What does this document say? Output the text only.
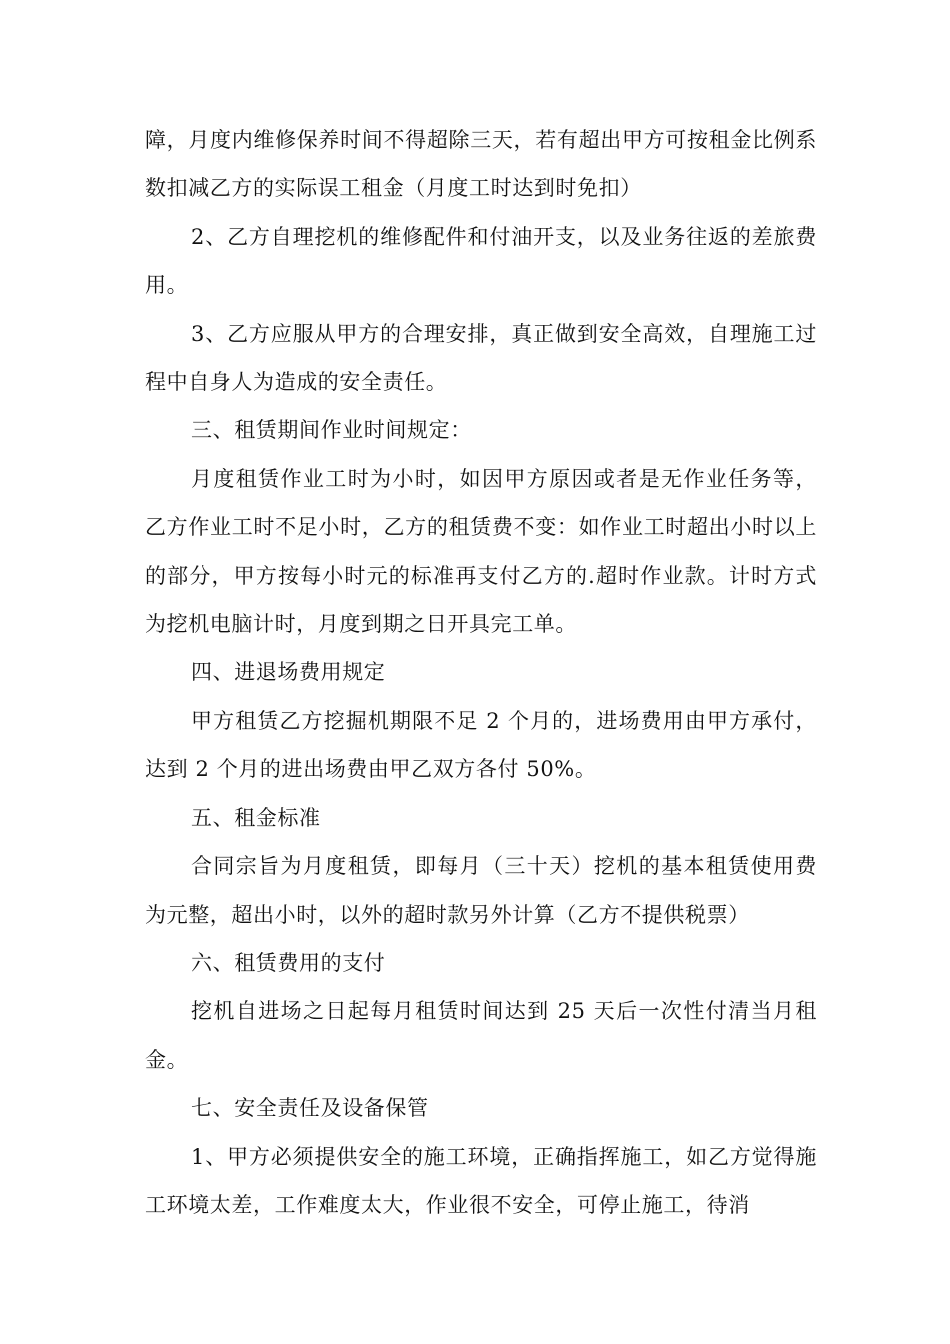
障，月度内维修保养时间不得超除三天，若有超出甲方可按租金比例系数扣减乙方的实际误工租金（月度工时达到时免扣）

2、乙方自理挖机的维修配件和付油开支，以及业务往返的差旅费用。

3、乙方应服从甲方的合理安排，真正做到安全高效，自理施工过程中自身人为造成的安全责任。

三、租赁期间作业时间规定：

月度租赁作业工时为小时，如因甲方原因或者是无作业任务等，乙方作业工时不足小时，乙方的租赁费不变：如作业工时超出小时以上的部分，甲方按每小时元的标准再支付乙方的.超时作业款。计时方式为挖机电脑计时，月度到期之日开具完工单。

四、进退场费用规定

甲方租赁乙方挖掘机期限不足 2 个月的，进场费用由甲方承付，达到 2 个月的进出场费由甲乙双方各付 50%。

五、租金标准

合同宗旨为月度租赁，即每月（三十天）挖机的基本租赁使用费为元整，超出小时，以外的超时款另外计算（乙方不提供税票）

六、租赁费用的支付

挖机自进场之日起每月租赁时间达到 25 天后一次性付清当月租金。

七、安全责任及设备保管

1、甲方必须提供安全的施工环境，正确指挥施工，如乙方觉得施工环境太差，工作难度太大，作业很不安全，可停止施工，待消
